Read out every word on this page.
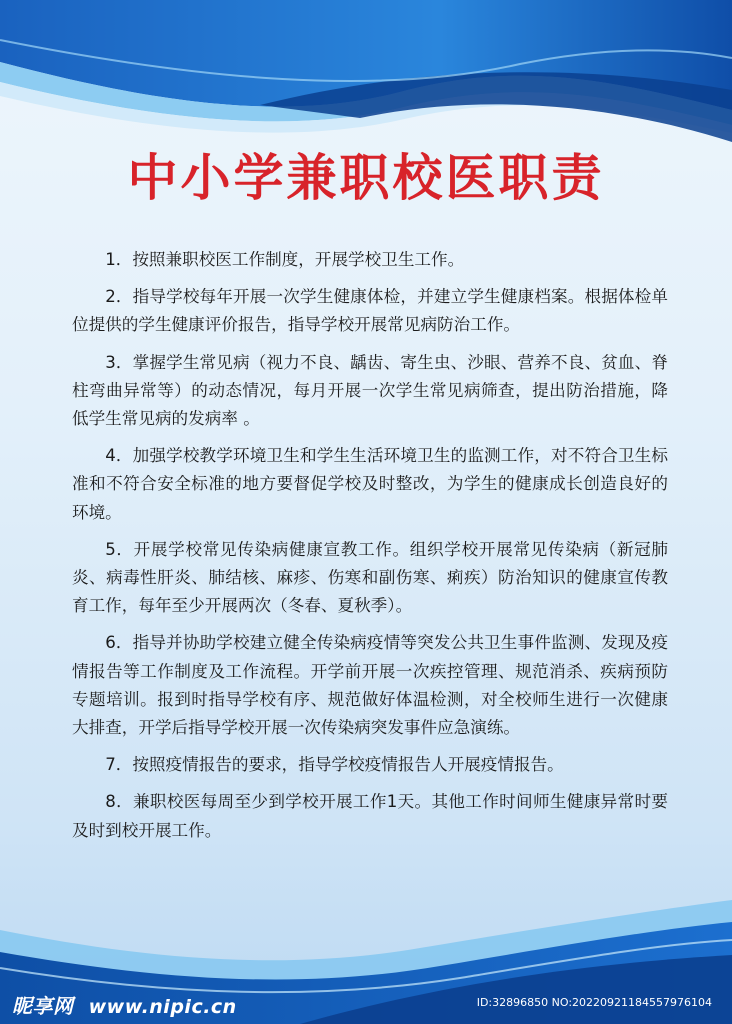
中小学兼职校医职责

1．按照兼职校医工作制度，开展学校卫生工作。

2．指导学校每年开展一次学生健康体检，并建立学生健康档案。根据体检单位提供的学生健康评价报告，指导学校开展常见病防治工作。

3．掌握学生常见病（视力不良、龋齿、寄生虫、沙眼、营养不良、贫血、脊柱弯曲异常等）的动态情况，每月开展一次学生常见病筛查，提出防治措施，降低学生常见病的发病率 。

4．加强学校教学环境卫生和学生生活环境卫生的监测工作，对不符合卫生标准和不符合安全标准的地方要督促学校及时整改，为学生的健康成长创造良好的环境。

5．开展学校常见传染病健康宣教工作。组织学校开展常见传染病（新冠肺炎、病毒性肝炎、肺结核、麻疹、伤寒和副伤寒、痢疾）防治知识的健康宣传教育工作，每年至少开展两次（冬春、夏秋季）。

6．指导并协助学校建立健全传染病疫情等突发公共卫生事件监测、发现及疫情报告等工作制度及工作流程。开学前开展一次疾控管理、规范消杀、疾病预防专题培训。报到时指导学校有序、规范做好体温检测，对全校师生进行一次健康大排查，开学后指导学校开展一次传染病突发事件应急演练。

7．按照疫情报告的要求，指导学校疫情报告人开展疫情报告。

8．兼职校医每周至少到学校开展工作1天。其他工作时间师生健康异常时要及时到校开展工作。

昵享网 www.nipic.cn	ID:32896850 NO:20220921184557976104
